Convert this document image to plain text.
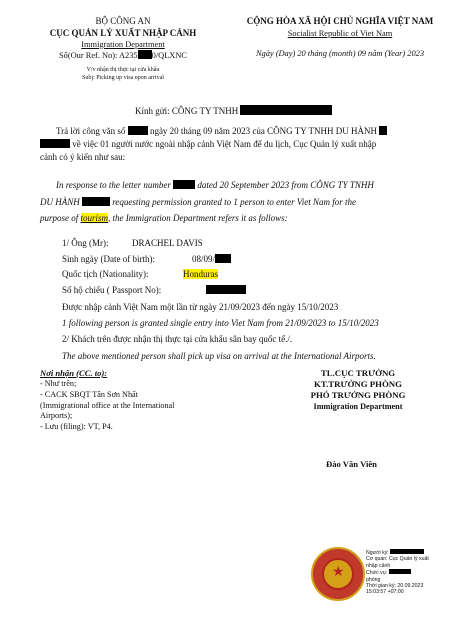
BỘ CÔNG AN
CỤC QUẢN LÝ XUẤT NHẬP CẢNH
Immigration Department
Số(Our Ref. No): A235 0/QLXNC
V/v nhận thị thực tại cửa khẩu
Subj: Picking up visa upon arrival
CỘNG HÒA XÃ HỘI CHỦ NGHĨA VIỆT NAM
Socialist Republic of Viet Nam
Ngày (Day) 20 tháng (month) 09 năm (Year) 2023
Kính gửi: CÔNG TY TNHH
Trả lời công văn số	ngày 20 tháng 09 năm 2023 của CÔNG TY TNHH DU HÀNH
về việc 01 người nước ngoài nhập cảnh Việt Nam để du lịch, Cục Quản lý xuất nhập
cảnh có ý kiến như sau:
In response to the letter number	dated 20 September 2023 from CÔNG TY TNHH
DU HÀNH	requesting permission granted to 1 person to enter Viet Nam for the
purpose of tourism, the Immigration Department refers it as follows:
1/ Ông (Mr):	DRACHEL DAVIS
Sinh ngày (Date of birth):	08/09/
Quốc tịch (Nationality):	Honduras
Số hộ chiếu ( Passport No):
Được nhập cảnh Việt Nam một lần từ ngày 21/09/2023 đến ngày 15/10/2023
1 following person is granted single entry into Viet Nam from 21/09/2023 to 15/10/2023
2/ Khách trên được nhận thị thực tại cửa khẩu sân bay quốc tế./.
The above mentioned person shall pick up visa on arrival at the International Airports.
Nơi nhận (CC. to):
- Như trên;
- CACK SBQT Tân Sơn Nhất
(Immigrational office at the International
Airports);
- Lưu (filing): VT, P4.
TL.CỤC TRƯỞNG
KT.TRƯỞNG PHÒNG
PHÓ TRƯỞNG PHÒNG
Immigration Department
Đào Văn Viên
★
Người ký:
Cơ quan: Cục Quản lý xuất
nhập cảnh
Chức vụ:
phòng
Thời gian ký: 20.09.2023
15:03:57 +07:00
